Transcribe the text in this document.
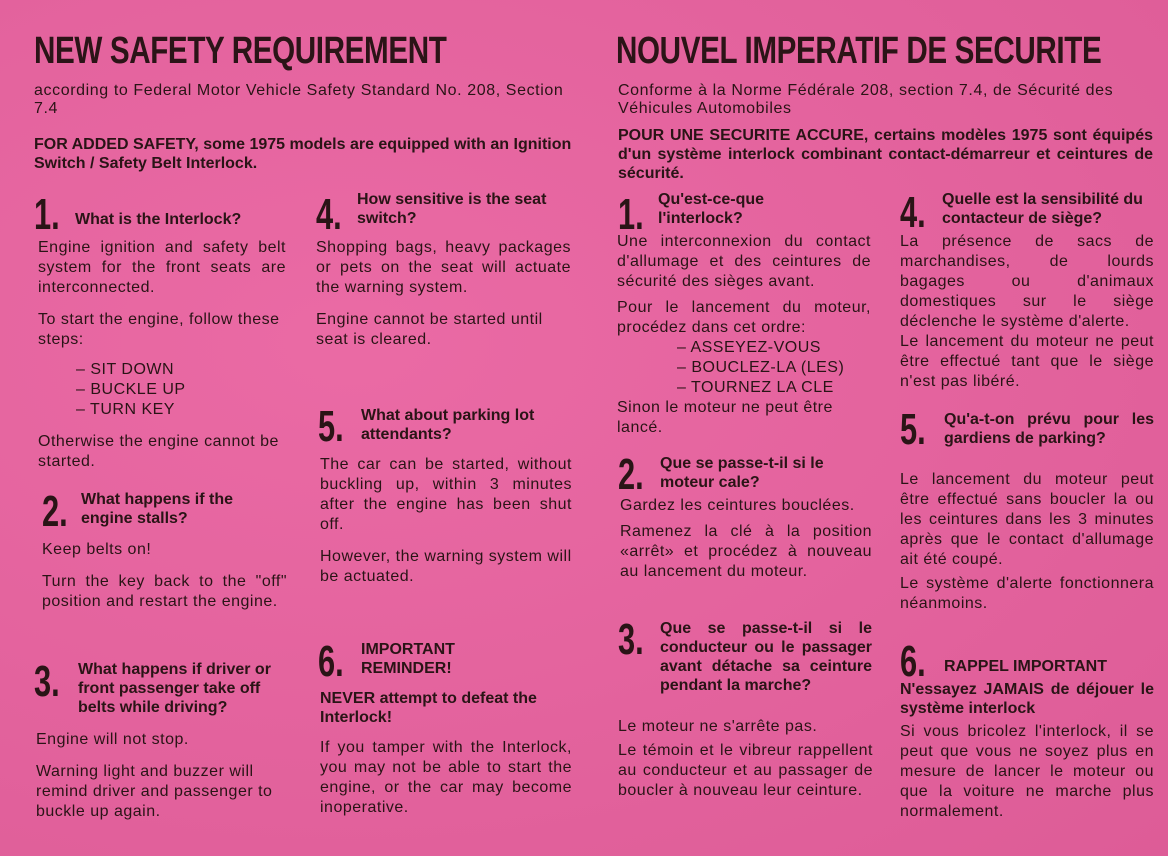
NEW SAFETY REQUIREMENT
according to Federal Motor Vehicle Safety Standard No. 208, Section 7.4
FOR ADDED SAFETY, some 1975 models are equipped with an Ignition Switch / Safety Belt Interlock.
1. What is the Interlock?
Engine ignition and safety belt system for the front seats are interconnected.
To start the engine, follow these steps:
– SIT DOWN
– BUCKLE UP
– TURN KEY
Otherwise the engine cannot be started.
2. What happens if the engine stalls?
Keep belts on!
Turn the key back to the "off" position and restart the engine.
3. What happens if driver or front passenger take off belts while driving?
Engine will not stop.
Warning light and buzzer will remind driver and passenger to buckle up again.
4. How sensitive is the seat switch?
Shopping bags, heavy packages or pets on the seat will actuate the warning system.
Engine cannot be started until seat is cleared.
5. What about parking lot attendants?
The car can be started, without buckling up, within 3 minutes after the engine has been shut off.
However, the warning system will be actuated.
6. IMPORTANT REMINDER!
NEVER attempt to defeat the Interlock!
If you tamper with the Interlock, you may not be able to start the engine, or the car may become inoperative.
NOUVEL IMPERATIF DE SECURITE
Conforme à la Norme Fédérale 208, section 7.4, de Sécurité des Véhicules Automobiles
POUR UNE SECURITE ACCURE, certains modèles 1975 sont équipés d'un système interlock combinant contact-démarreur et ceintures de sécurité.
1. Qu'est-ce-que l'interlock?
Une interconnexion du contact d'allumage et des ceintures de sécurité des sièges avant.
Pour le lancement du moteur, procédez dans cet ordre:
– ASSEYEZ-VOUS
– BOUCLEZ-LA (LES)
– TOURNEZ LA CLE
Sinon le moteur ne peut être lancé.
2. Que se passe-t-il si le moteur cale?
Gardez les ceintures bouclées.
Ramenez la clé à la position «arrêt» et procédez à nouveau au lancement du moteur.
3. Que se passe-t-il si le conducteur ou le passager avant détache sa ceinture pendant la marche?
Le moteur ne s'arrête pas.
Le témoin et le vibreur rappellent au conducteur et au passager de boucler à nouveau leur ceinture.
4. Quelle est la sensibilité du contacteur de siège?
La présence de sacs de marchandises, de lourds bagages ou d'animaux domestiques sur le siège déclenche le système d'alerte.
Le lancement du moteur ne peut être effectué tant que le siège n'est pas libéré.
5. Qu'a-t-on prévu pour les gardiens de parking?
Le lancement du moteur peut être effectué sans boucler la ou les ceintures dans les 3 minutes après que le contact d'allumage ait été coupé.
Le système d'alerte fonctionnera néanmoins.
6. RAPPEL IMPORTANT
N'essayez JAMAIS de déjouer le système interlock
Si vous bricolez l'interlock, il se peut que vous ne soyez plus en mesure de lancer le moteur ou que la voiture ne marche plus normalement.
